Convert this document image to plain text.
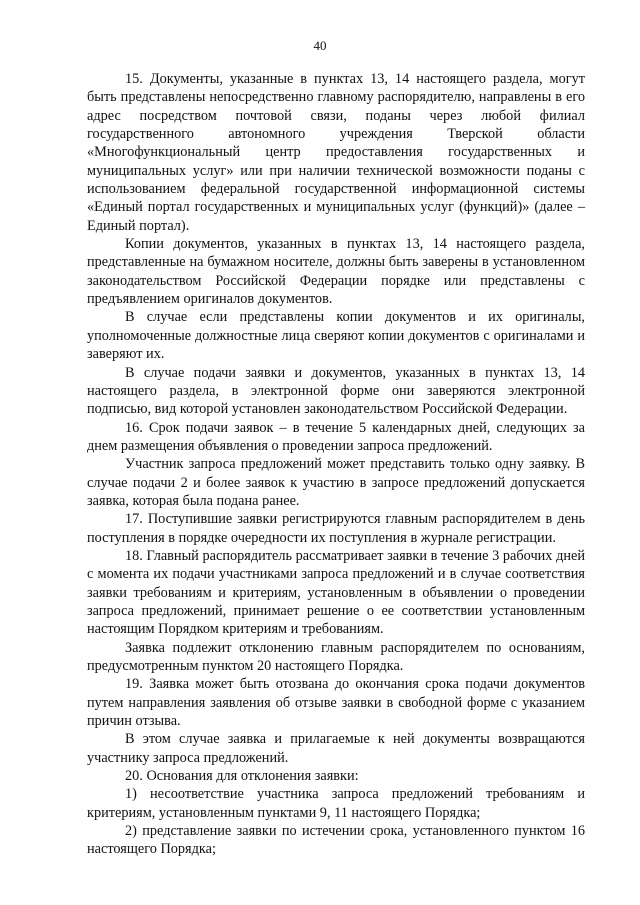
40

15. Документы, указанные в пунктах 13, 14 настоящего раздела, могут быть представлены непосредственно главному распорядителю, направлены в его адрес посредством почтовой связи, поданы через любой филиал государственного автономного учреждения Тверской области «Многофункциональный центр предоставления государственных и муниципальных услуг» или при наличии технической возможности поданы с использованием федеральной государственной информационной системы «Единый портал государственных и муниципальных услуг (функций)» (далее – Единый портал).

Копии документов, указанных в пунктах 13, 14 настоящего раздела, представленные на бумажном носителе, должны быть заверены в установленном законодательством Российской Федерации порядке или представлены с предъявлением оригиналов документов.

В случае если представлены копии документов и их оригиналы, уполномоченные должностные лица сверяют копии документов с оригиналами и заверяют их.

В случае подачи заявки и документов, указанных в пунктах 13, 14 настоящего раздела, в электронной форме они заверяются электронной подписью, вид которой установлен законодательством Российской Федерации.

16. Срок подачи заявок – в течение 5 календарных дней, следующих за днем размещения объявления о проведении запроса предложений.

Участник запроса предложений может представить только одну заявку. В случае подачи 2 и более заявок к участию в запросе предложений допускается заявка, которая была подана ранее.

17. Поступившие заявки регистрируются главным распорядителем в день поступления в порядке очередности их поступления в журнале регистрации.

18. Главный распорядитель рассматривает заявки в течение 3 рабочих дней с момента их подачи участниками запроса предложений и в случае соответствия заявки требованиям и критериям, установленным в объявлении о проведении запроса предложений, принимает решение о ее соответствии установленным настоящим Порядком критериям и требованиям.

Заявка подлежит отклонению главным распорядителем по основаниям, предусмотренным пунктом 20 настоящего Порядка.

19. Заявка может быть отозвана до окончания срока подачи документов путем направления заявления об отзыве заявки в свободной форме с указанием причин отзыва.

В этом случае заявка и прилагаемые к ней документы возвращаются участнику запроса предложений.

20. Основания для отклонения заявки:

1) несоответствие участника запроса предложений требованиям и критериям, установленным пунктами 9, 11 настоящего Порядка;

2) представление заявки по истечении срока, установленного пунктом 16 настоящего Порядка;
